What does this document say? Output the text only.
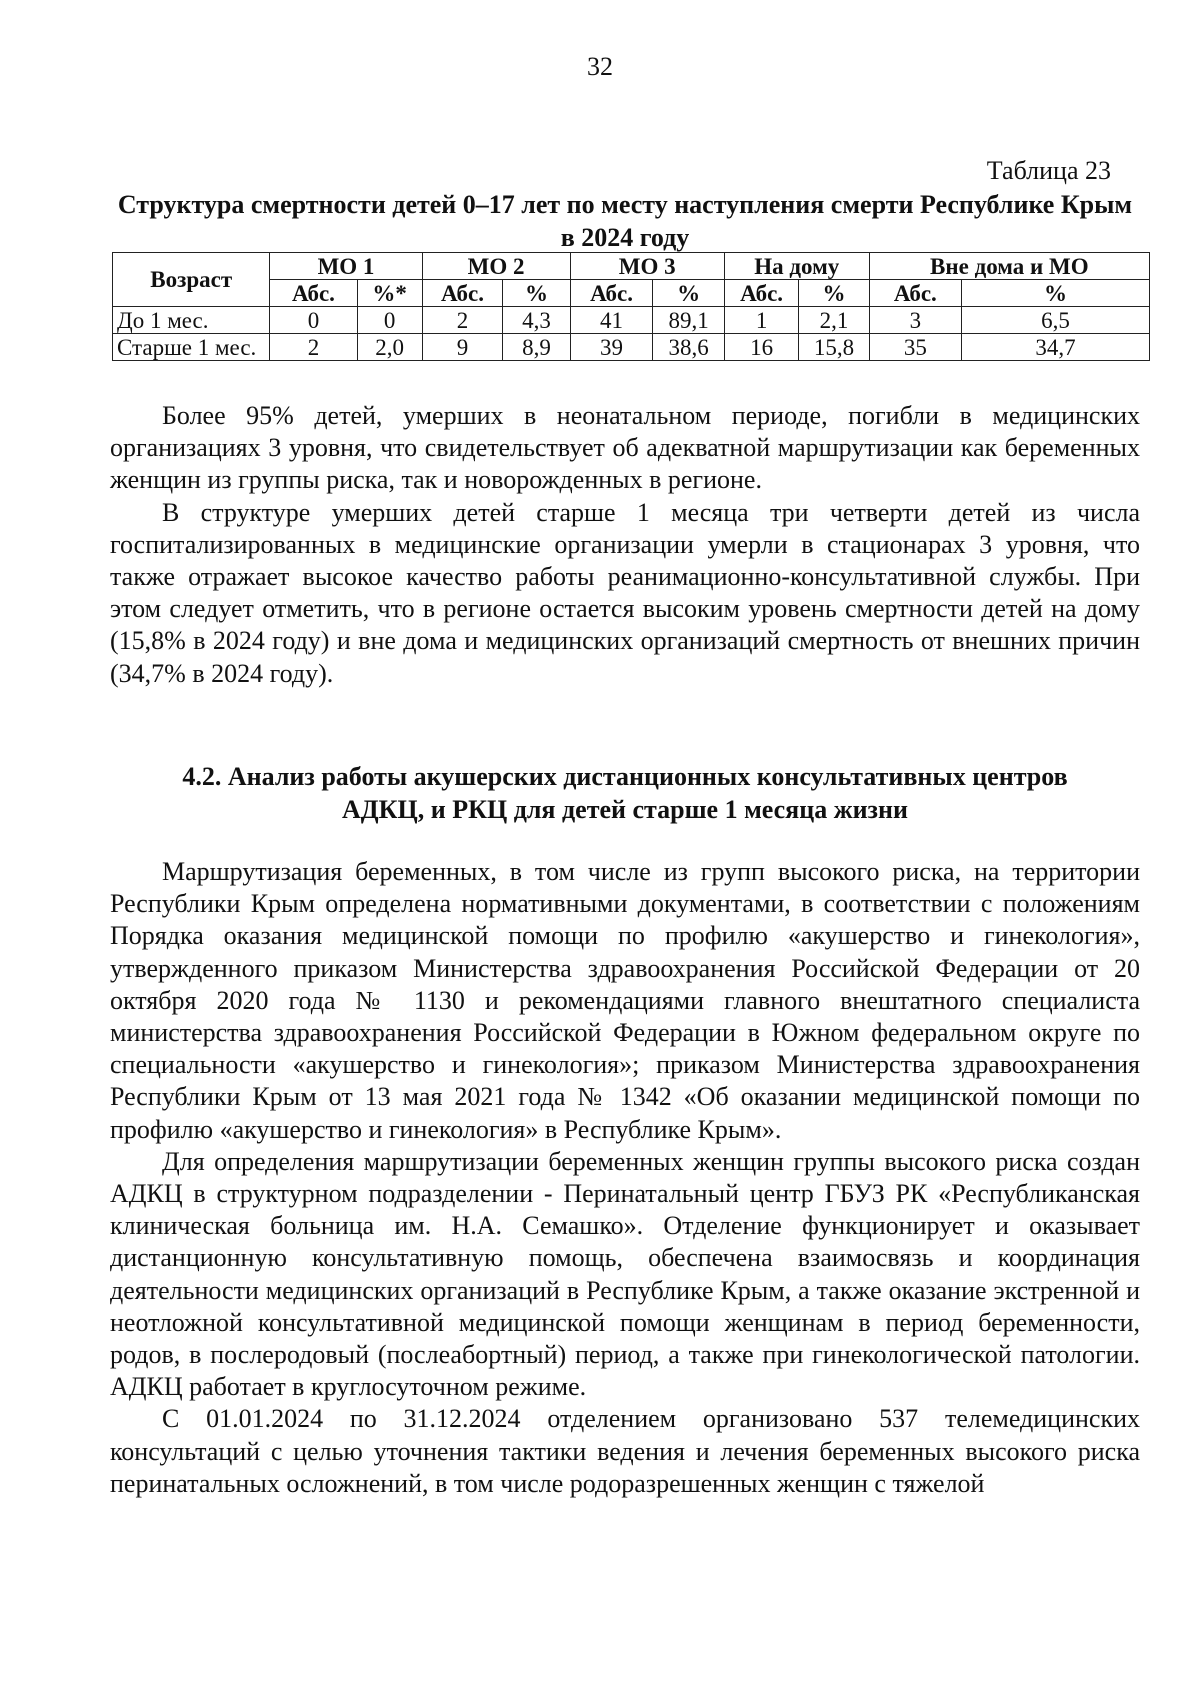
32
Таблица 23
Структура смертности детей 0–17 лет по месту наступления смерти Республике Крым в 2024 году
Возраст	МО 1		МО 2		МО 3		На дому		Вне дома и МО	
	Абс.	%*	Абс.	%	Абс.	%	Абс.	%	Абс.	%
До 1 мес.	0	0	2	4,3	41	89,1	1	2,1	3	6,5
Старше 1 мес.	2	2,0	9	8,9	39	38,6	16	15,8	35	34,7

Более 95% детей, умерших в неонатальном периоде, погибли в медицинских организациях 3 уровня, что свидетельствует об адекватной маршрутизации как беременных женщин из группы риска, так и новорожденных в регионе.

В структуре умерших детей старше 1 месяца три четверти детей из числа госпитализированных в медицинские организации умерли в стационарах 3 уровня, что также отражает высокое качество работы реанимационно-консультативной службы. При этом следует отметить, что в регионе остается высоким уровень смертности детей на дому (15,8% в 2024 году) и вне дома и медицинских организаций смертность от внешних причин (34,7% в 2024 году).

4.2. Анализ работы акушерских дистанционных консультативных центров
АДКЦ, и РКЦ для детей старше 1 месяца жизни

Маршрутизация беременных, в том числе из групп высокого риска, на территории Республики Крым определена нормативными документами, в соответствии с положениям Порядка оказания медицинской помощи по профилю «акушерство и гинекология», утвержденного приказом Министерства здравоохранения Российской Федерации от 20 октября 2020 года № 1130 и рекомендациями главного внештатного специалиста министерства здравоохранения Российской Федерации в Южном федеральном округе по специальности «акушерство и гинекология»; приказом Министерства здравоохранения Республики Крым от 13 мая 2021 года № 1342 «Об оказании медицинской помощи по профилю «акушерство и гинекология» в Республике Крым».

Для определения маршрутизации беременных женщин группы высокого риска создан АДКЦ в структурном подразделении - Перинатальный центр ГБУЗ РК «Республиканская клиническая больница им. Н.А. Семашко». Отделение функционирует и оказывает дистанционную консультативную помощь, обеспечена взаимосвязь и координация деятельности медицинских организаций в Республике Крым, а также оказание экстренной и неотложной консультативной медицинской помощи женщинам в период беременности, родов, в послеродовый (послеабортный) период, а также при гинекологической патологии. АДКЦ работает в круглосуточном режиме.

С 01.01.2024 по 31.12.2024 отделением организовано 537 телемедицинских консультаций с целью уточнения тактики ведения и лечения беременных высокого риска перинатальных осложнений, в том числе родоразрешенных женщин с тяжелой
